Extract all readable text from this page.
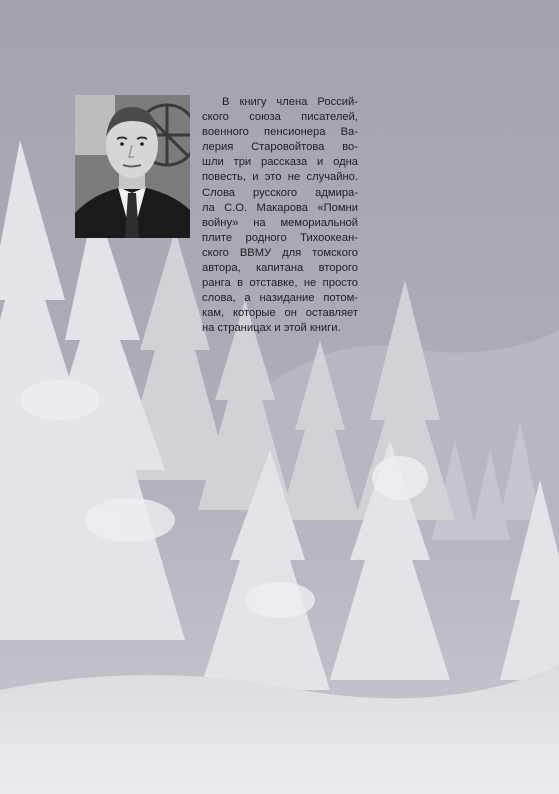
В книгу члена Россий-
ского союза писателей,
военного пенсионера Ва-
лерия Старовойтова во-
шли три рассказа и одна
повесть, и это не случайно.
Слова русского адмира-
ла С.О. Макарова «Помни
войну» на мемориальной
плите родного Тихоокеан-
ского ВВМУ для томского
автора, капитана второго
ранга в отставке, не просто
слова, а назидание потом-
кам, которые он оставляет
на страницах и этой книги.
